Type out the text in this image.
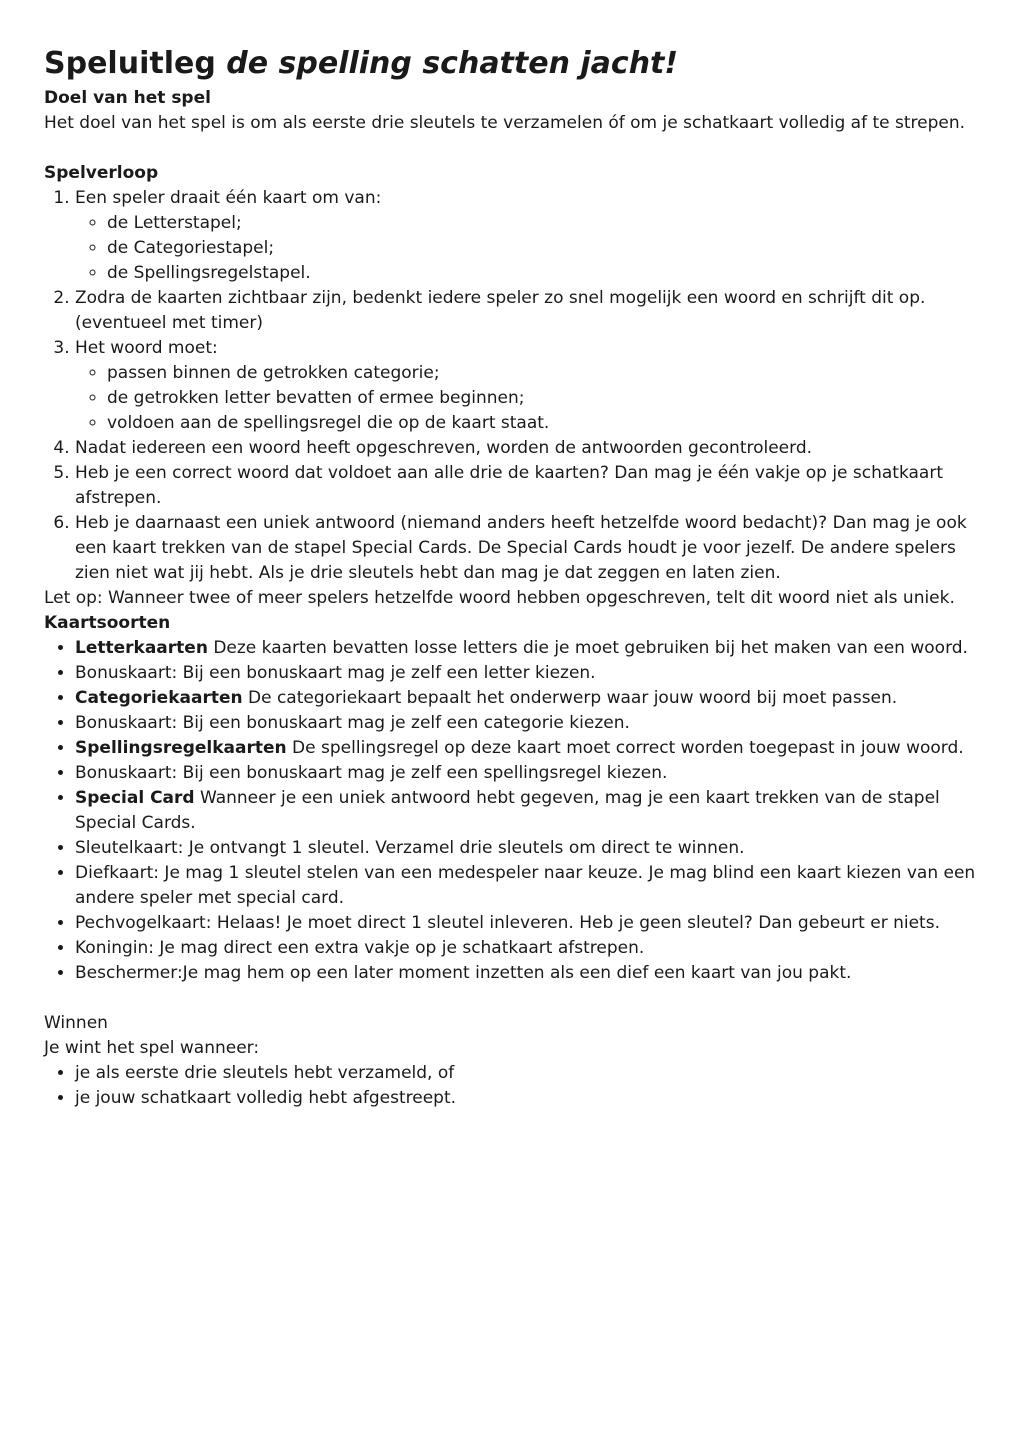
Speluitleg de spelling schatten jacht!

Doel van het spel

Het doel van het spel is om als eerste drie sleutels te verzamelen óf om je schatkaart volledig af te strepen.

Spelverloop

1. Een speler draait één kaart om van:
◦ de Letterstapel;
◦ de Categoriestapel;
◦ de Spellingsregelstapel.
2. Zodra de kaarten zichtbaar zijn, bedenkt iedere speler zo snel mogelijk een woord en schrijft dit op. (eventueel met timer)
3. Het woord moet:
◦ passen binnen de getrokken categorie;
◦ de getrokken letter bevatten of ermee beginnen;
◦ voldoen aan de spellingsregel die op de kaart staat.
4. Nadat iedereen een woord heeft opgeschreven, worden de antwoorden gecontroleerd.
5. Heb je een correct woord dat voldoet aan alle drie de kaarten? Dan mag je één vakje op je schatkaart afstrepen.
6. Heb je daarnaast een uniek antwoord (niemand anders heeft hetzelfde woord bedacht)? Dan mag je ook een kaart trekken van de stapel Special Cards. De Special Cards houdt je voor jezelf. De andere spelers zien niet wat jij hebt. Als je drie sleutels hebt dan mag je dat zeggen en laten zien.

Let op: Wanneer twee of meer spelers hetzelfde woord hebben opgeschreven, telt dit woord niet als uniek.

Kaartsoorten

• Letterkaarten Deze kaarten bevatten losse letters die je moet gebruiken bij het maken van een woord.
• Bonuskaart: Bij een bonuskaart mag je zelf een letter kiezen.
• Categoriekaarten De categoriekaart bepaalt het onderwerp waar jouw woord bij moet passen.
• Bonuskaart: Bij een bonuskaart mag je zelf een categorie kiezen.
• Spellingsregelkaarten De spellingsregel op deze kaart moet correct worden toegepast in jouw woord.
• Bonuskaart: Bij een bonuskaart mag je zelf een spellingsregel kiezen.
• Special Card Wanneer je een uniek antwoord hebt gegeven, mag je een kaart trekken van de stapel Special Cards.
• Sleutelkaart: Je ontvangt 1 sleutel. Verzamel drie sleutels om direct te winnen.
• Diefkaart: Je mag 1 sleutel stelen van een medespeler naar keuze. Je mag blind een kaart kiezen van een andere speler met special card.
• Pechvogelkaart: Helaas! Je moet direct 1 sleutel inleveren. Heb je geen sleutel? Dan gebeurt er niets.
• Koningin: Je mag direct een extra vakje op je schatkaart afstrepen.
• Beschermer:Je mag hem op een later moment inzetten als een dief een kaart van jou pakt.

Winnen

Je wint het spel wanneer:

• je als eerste drie sleutels hebt verzameld, of
• je jouw schatkaart volledig hebt afgestreept.
